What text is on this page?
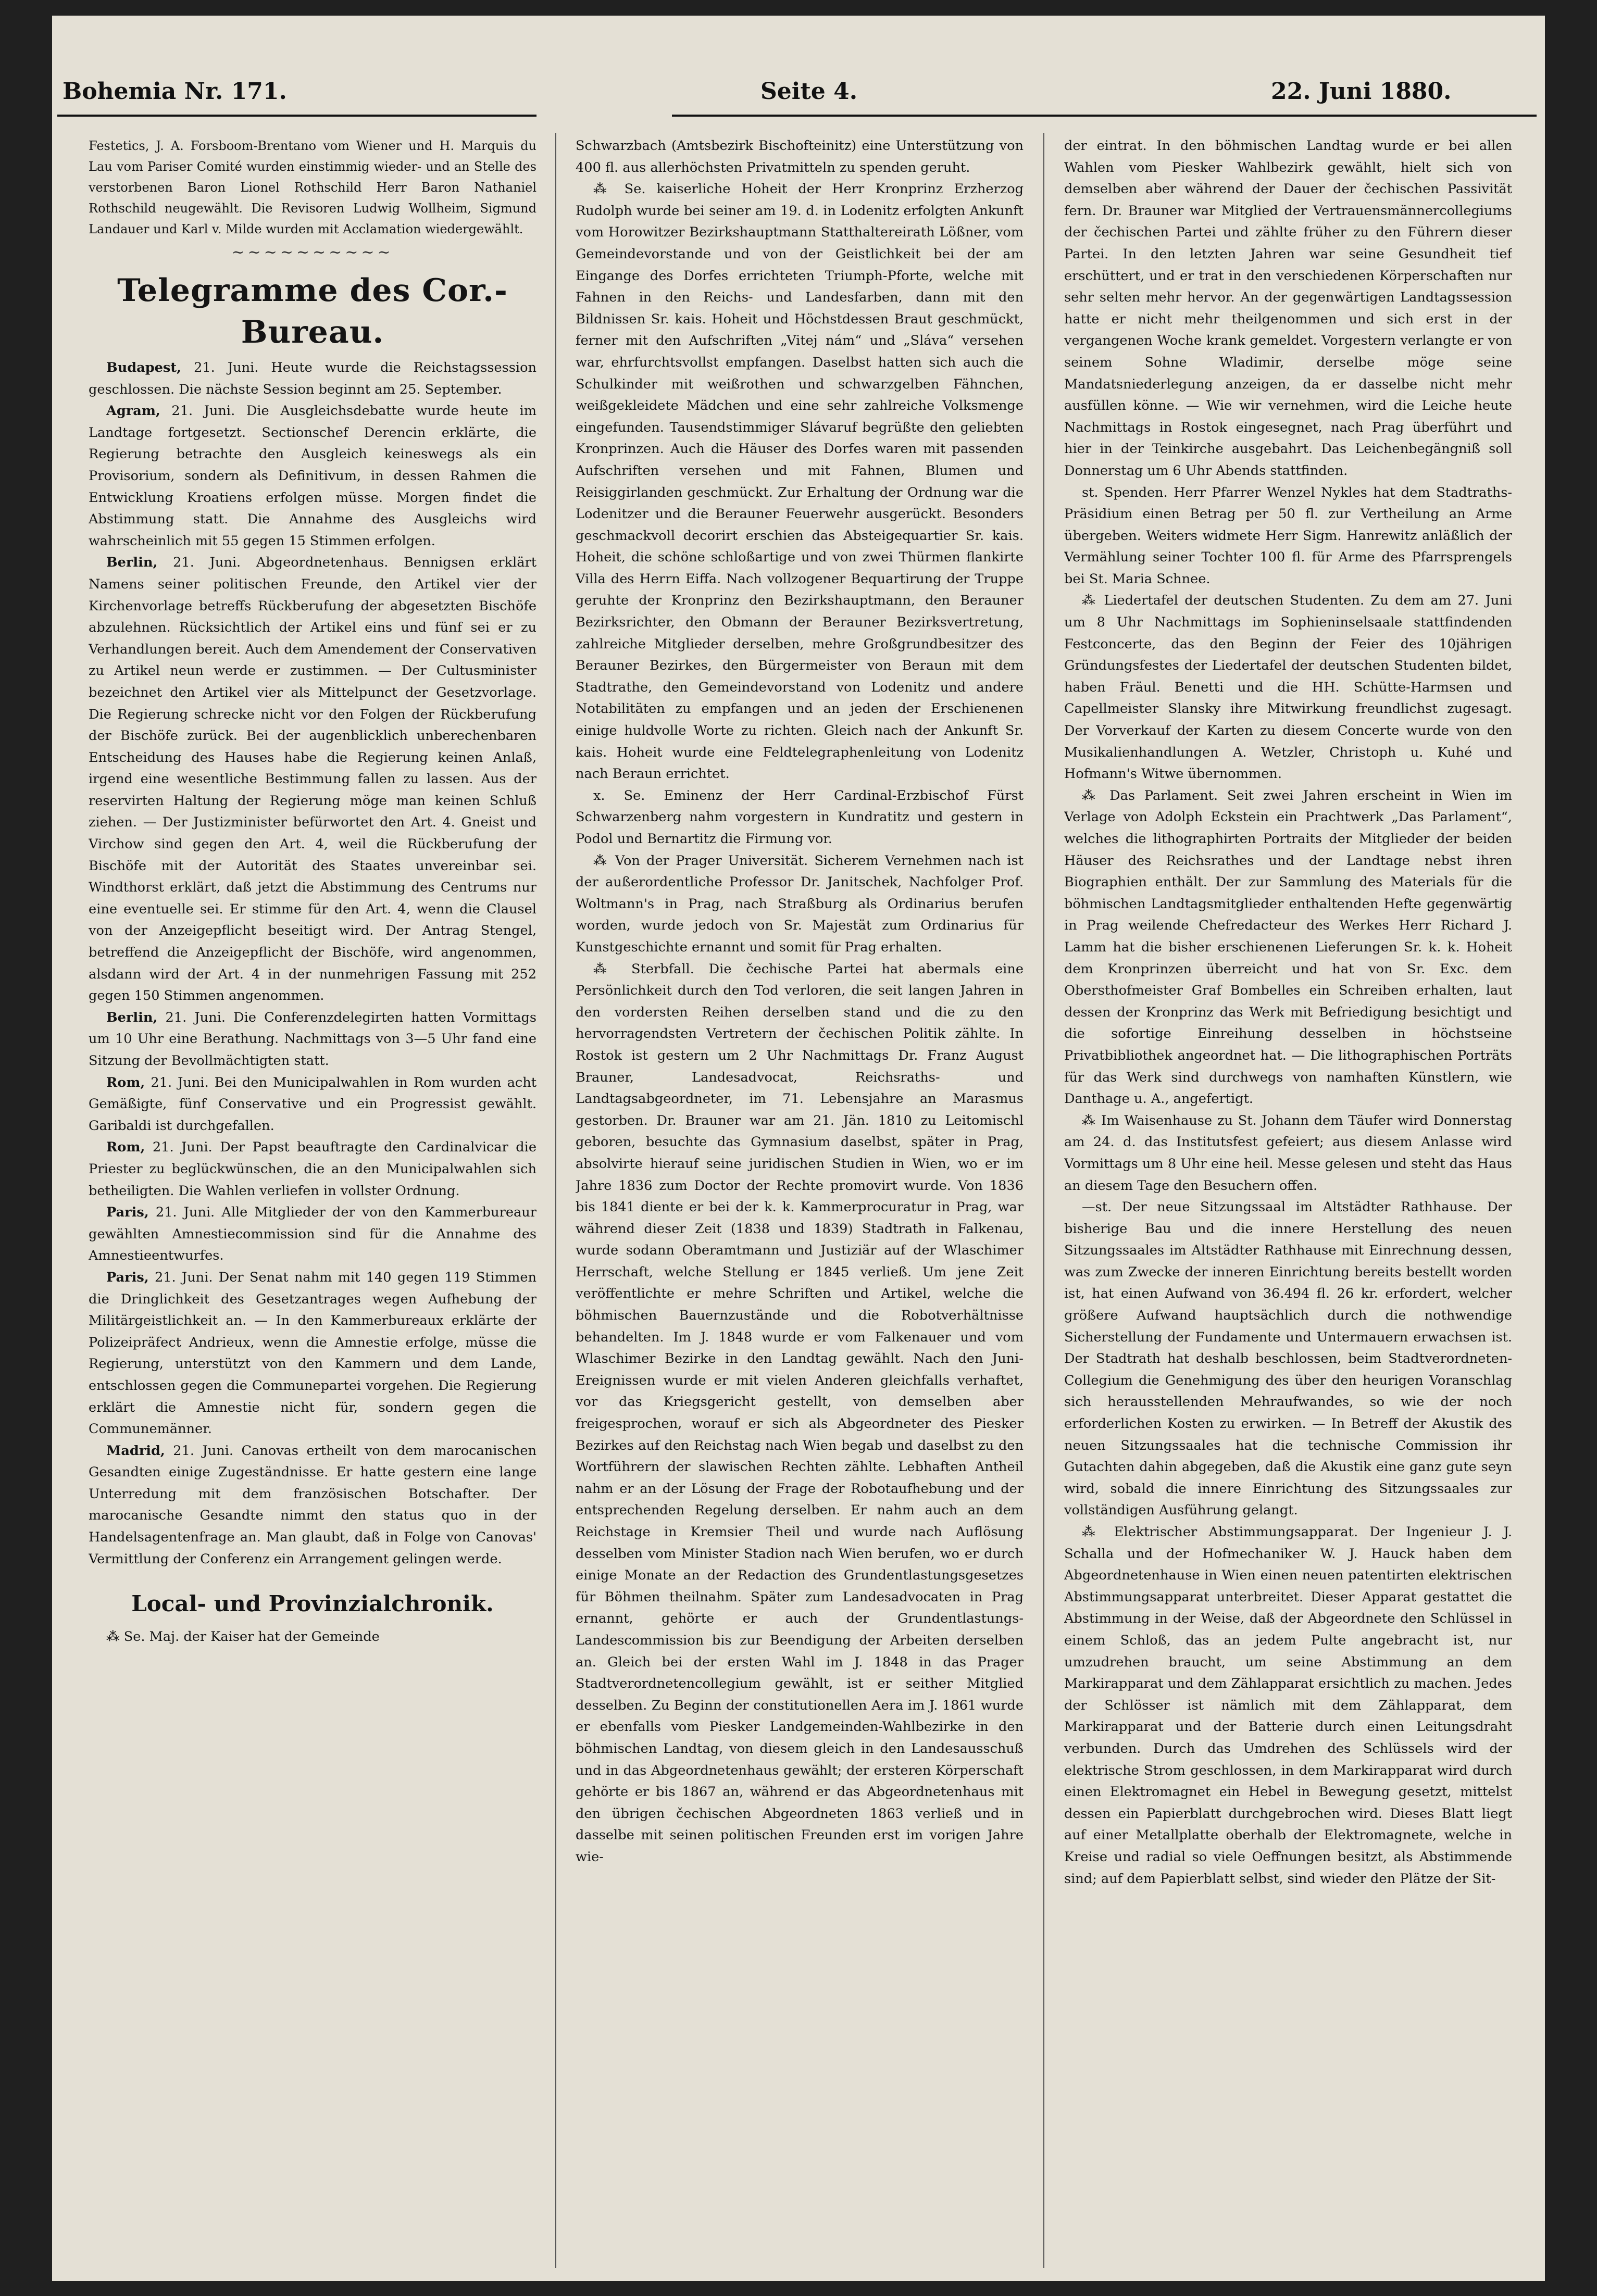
Bohemia Nr. 171.	Seite 4.	22. Juni 1880.

Festetics, J. A. Forsboom-Brentano vom Wiener und H. Marquis du Lau vom Pariser Comité wurden einstimmig wieder- und an Stelle des verstorbenen Baron Lionel Rothschild Herr Baron Nathaniel Rothschild neugewählt. Die Revisoren Ludwig Wollheim, Sigmund Landauer und Karl v. Milde wurden mit Acclamation wiedergewählt.

~~~~~~~~~~
Telegramme des Cor.-Bureau.

Budapest, 21. Juni. Heute wurde die Reichstagssession geschlossen. Die nächste Session beginnt am 25. September.

Agram, 21. Juni. Die Ausgleichsdebatte wurde heute im Landtage fortgesetzt. Sectionschef Derencin erklärte, die Regierung betrachte den Ausgleich keineswegs als ein Provisorium, sondern als Definitivum, in dessen Rahmen die Entwicklung Kroatiens erfolgen müsse. Morgen findet die Abstimmung statt. Die Annahme des Ausgleichs wird wahrscheinlich mit 55 gegen 15 Stimmen erfolgen.

Berlin, 21. Juni. Abgeordnetenhaus. Bennigsen erklärt Namens seiner politischen Freunde, den Artikel vier der Kirchenvorlage betreffs Rückberufung der abgesetzten Bischöfe abzulehnen. Rücksichtlich der Artikel eins und fünf sei er zu Verhandlungen bereit. Auch dem Amendement der Conservativen zu Artikel neun werde er zustimmen. — Der Cultusminister bezeichnet den Artikel vier als Mittelpunct der Gesetzvorlage. Die Regierung schrecke nicht vor den Folgen der Rückberufung der Bischöfe zurück. Bei der augenblicklich unberechenbaren Entscheidung des Hauses habe die Regierung keinen Anlaß, irgend eine wesentliche Bestimmung fallen zu lassen. Aus der reservirten Haltung der Regierung möge man keinen Schluß ziehen. — Der Justizminister befürwortet den Art. 4. Gneist und Virchow sind gegen den Art. 4, weil die Rückberufung der Bischöfe mit der Autorität des Staates unvereinbar sei. Windthorst erklärt, daß jetzt die Abstimmung des Centrums nur eine eventuelle sei. Er stimme für den Art. 4, wenn die Clausel von der Anzeigepflicht beseitigt wird. Der Antrag Stengel, betreffend die Anzeigepflicht der Bischöfe, wird angenommen, alsdann wird der Art. 4 in der nunmehrigen Fassung mit 252 gegen 150 Stimmen angenommen.

Berlin, 21. Juni. Die Conferenzdelegirten hatten Vormittags um 10 Uhr eine Berathung. Nachmittags von 3—5 Uhr fand eine Sitzung der Bevollmächtigten statt.

Rom, 21. Juni. Bei den Municipalwahlen in Rom wurden acht Gemäßigte, fünf Conservative und ein Progressist gewählt. Garibaldi ist durchgefallen.

Rom, 21. Juni. Der Papst beauftragte den Cardinalvicar die Priester zu beglückwünschen, die an den Municipalwahlen sich betheiligten. Die Wahlen verliefen in vollster Ordnung.

Paris, 21. Juni. Alle Mitglieder der von den Kammerbureaur gewählten Amnestiecommission sind für die Annahme des Amnestieentwurfes.

Paris, 21. Juni. Der Senat nahm mit 140 gegen 119 Stimmen die Dringlichkeit des Gesetzantrages wegen Aufhebung der Militärgeistlichkeit an. — In den Kammerbureaux erklärte der Polizeipräfect Andrieux, wenn die Amnestie erfolge, müsse die Regierung, unterstützt von den Kammern und dem Lande, entschlossen gegen die Communepartei vorgehen. Die Regierung erklärt die Amnestie nicht für, sondern gegen die Communemänner.

Madrid, 21. Juni. Canovas ertheilt von dem marocanischen Gesandten einige Zugeständnisse. Er hatte gestern eine lange Unterredung mit dem französischen Botschafter. Der marocanische Gesandte nimmt den status quo in der Handelsagentenfrage an. Man glaubt, daß in Folge von Canovas' Vermittlung der Conferenz ein Arrangement gelingen werde.

Local- und Provinzialchronik.

⁂ Se. Maj. der Kaiser hat der Gemeinde

Schwarzbach (Amtsbezirk Bischofteinitz) eine Unterstützung von 400 fl. aus allerhöchsten Privatmitteln zu spenden geruht.

⁂ Se. kaiserliche Hoheit der Herr Kronprinz Erzherzog Rudolph wurde bei seiner am 19. d. in Lodenitz erfolgten Ankunft vom Horowitzer Bezirkshauptmann Statthaltereirath Lößner, vom Gemeindevorstande und von der Geistlichkeit bei der am Eingange des Dorfes errichteten Triumph-Pforte, welche mit Fahnen in den Reichs- und Landesfarben, dann mit den Bildnissen Sr. kais. Hoheit und Höchstdessen Braut geschmückt, ferner mit den Aufschriften „Vitej nám“ und „Sláva“ versehen war, ehrfurchtsvollst empfangen. Daselbst hatten sich auch die Schulkinder mit weißrothen und schwarzgelben Fähnchen, weißgekleidete Mädchen und eine sehr zahlreiche Volksmenge eingefunden. Tausendstimmiger Slávaruf begrüßte den geliebten Kronprinzen. Auch die Häuser des Dorfes waren mit passenden Aufschriften versehen und mit Fahnen, Blumen und Reisiggirlanden geschmückt. Zur Erhaltung der Ordnung war die Lodenitzer und die Berauner Feuerwehr ausgerückt. Besonders geschmackvoll decorirt erschien das Absteigequartier Sr. kais. Hoheit, die schöne schloßartige und von zwei Thürmen flankirte Villa des Herrn Eiffa. Nach vollzogener Bequartirung der Truppe geruhte der Kronprinz den Bezirkshauptmann, den Berauner Bezirksrichter, den Obmann der Berauner Bezirksvertretung, zahlreiche Mitglieder derselben, mehre Großgrundbesitzer des Berauner Bezirkes, den Bürgermeister von Beraun mit dem Stadtrathe, den Gemeindevorstand von Lodenitz und andere Notabilitäten zu empfangen und an jeden der Erschienenen einige huldvolle Worte zu richten. Gleich nach der Ankunft Sr. kais. Hoheit wurde eine Feldtelegraphenleitung von Lodenitz nach Beraun errichtet.

x. Se. Eminenz der Herr Cardinal-Erzbischof Fürst Schwarzenberg nahm vorgestern in Kundratitz und gestern in Podol und Bernartitz die Firmung vor.

⁂ Von der Prager Universität. Sicherem Vernehmen nach ist der außerordentliche Professor Dr. Janitschek, Nachfolger Prof. Woltmann's in Prag, nach Straßburg als Ordinarius berufen worden, wurde jedoch von Sr. Majestät zum Ordinarius für Kunstgeschichte ernannt und somit für Prag erhalten.

⁂ Sterbfall. Die čechische Partei hat abermals eine Persönlichkeit durch den Tod verloren, die seit langen Jahren in den vordersten Reihen derselben stand und die zu den hervorragendsten Vertretern der čechischen Politik zählte. In Rostok ist gestern um 2 Uhr Nachmittags Dr. Franz August Brauner, Landesadvocat, Reichsraths- und Landtagsabgeordneter, im 71. Lebensjahre an Marasmus gestorben. Dr. Brauner war am 21. Jän. 1810 zu Leitomischl geboren, besuchte das Gymnasium daselbst, später in Prag, absolvirte hierauf seine juridischen Studien in Wien, wo er im Jahre 1836 zum Doctor der Rechte promovirt wurde. Von 1836 bis 1841 diente er bei der k. k. Kammerprocuratur in Prag, war während dieser Zeit (1838 und 1839) Stadtrath in Falkenau, wurde sodann Oberamtmann und Justiziär auf der Wlaschimer Herrschaft, welche Stellung er 1845 verließ. Um jene Zeit veröffentlichte er mehre Schriften und Artikel, welche die böhmischen Bauernzustände und die Robotverhältnisse behandelten. Im J. 1848 wurde er vom Falkenauer und vom Wlaschimer Bezirke in den Landtag gewählt. Nach den Juni-Ereignissen wurde er mit vielen Anderen gleichfalls verhaftet, vor das Kriegsgericht gestellt, von demselben aber freigesprochen, worauf er sich als Abgeordneter des Piesker Bezirkes auf den Reichstag nach Wien begab und daselbst zu den Wortführern der slawischen Rechten zählte. Lebhaften Antheil nahm er an der Lösung der Frage der Robotaufhebung und der entsprechenden Regelung derselben. Er nahm auch an dem Reichstage in Kremsier Theil und wurde nach Auflösung desselben vom Minister Stadion nach Wien berufen, wo er durch einige Monate an der Redaction des Grundentlastungsgesetzes für Böhmen theilnahm. Später zum Landesadvocaten in Prag ernannt, gehörte er auch der Grundentlastungs-Landescommission bis zur Beendigung der Arbeiten derselben an. Gleich bei der ersten Wahl im J. 1848 in das Prager Stadtverordnetencollegium gewählt, ist er seither Mitglied desselben. Zu Beginn der constitutionellen Aera im J. 1861 wurde er ebenfalls vom Piesker Landgemeinden-Wahlbezirke in den böhmischen Landtag, von diesem gleich in den Landesausschuß und in das Abgeordnetenhaus gewählt; der ersteren Körperschaft gehörte er bis 1867 an, während er das Abgeordnetenhaus mit den übrigen čechischen Abgeordneten 1863 verließ und in dasselbe mit seinen politischen Freunden erst im vorigen Jahre wie-

der eintrat. In den böhmischen Landtag wurde er bei allen Wahlen vom Piesker Wahlbezirk gewählt, hielt sich von demselben aber während der Dauer der čechischen Passivität fern. Dr. Brauner war Mitglied der Vertrauensmännercollegiums der čechischen Partei und zählte früher zu den Führern dieser Partei. In den letzten Jahren war seine Gesundheit tief erschüttert, und er trat in den verschiedenen Körperschaften nur sehr selten mehr hervor. An der gegenwärtigen Landtagssession hatte er nicht mehr theilgenommen und sich erst in der vergangenen Woche krank gemeldet. Vorgestern verlangte er von seinem Sohne Wladimir, derselbe möge seine Mandatsniederlegung anzeigen, da er dasselbe nicht mehr ausfüllen könne. — Wie wir vernehmen, wird die Leiche heute Nachmittags in Rostok eingesegnet, nach Prag überführt und hier in der Teinkirche ausgebahrt. Das Leichenbegängniß soll Donnerstag um 6 Uhr Abends stattfinden.

st. Spenden. Herr Pfarrer Wenzel Nykles hat dem Stadtraths-Präsidium einen Betrag per 50 fl. zur Vertheilung an Arme übergeben. Weiters widmete Herr Sigm. Hanrewitz anläßlich der Vermählung seiner Tochter 100 fl. für Arme des Pfarrsprengels bei St. Maria Schnee.

⁂ Liedertafel der deutschen Studenten. Zu dem am 27. Juni um 8 Uhr Nachmittags im Sophieninselsaale stattfindenden Festconcerte, das den Beginn der Feier des 10jährigen Gründungsfestes der Liedertafel der deutschen Studenten bildet, haben Fräul. Benetti und die HH. Schütte-Harmsen und Capellmeister Slansky ihre Mitwirkung freundlichst zugesagt. Der Vorverkauf der Karten zu diesem Concerte wurde von den Musikalienhandlungen A. Wetzler, Christoph u. Kuhé und Hofmann's Witwe übernommen.

⁂ Das Parlament. Seit zwei Jahren erscheint in Wien im Verlage von Adolph Eckstein ein Prachtwerk „Das Parlament“, welches die lithographirten Portraits der Mitglieder der beiden Häuser des Reichsrathes und der Landtage nebst ihren Biographien enthält. Der zur Sammlung des Materials für die böhmischen Landtagsmitglieder enthaltenden Hefte gegenwärtig in Prag weilende Chefredacteur des Werkes Herr Richard J. Lamm hat die bisher erschienenen Lieferungen Sr. k. k. Hoheit dem Kronprinzen überreicht und hat von Sr. Exc. dem Obersthofmeister Graf Bombelles ein Schreiben erhalten, laut dessen der Kronprinz das Werk mit Befriedigung besichtigt und die sofortige Einreihung desselben in höchstseine Privatbibliothek angeordnet hat. — Die lithographischen Porträts für das Werk sind durchwegs von namhaften Künstlern, wie Danthage u. A., angefertigt.

⁂ Im Waisenhause zu St. Johann dem Täufer wird Donnerstag am 24. d. das Institutsfest gefeiert; aus diesem Anlasse wird Vormittags um 8 Uhr eine heil. Messe gelesen und steht das Haus an diesem Tage den Besuchern offen.

—st. Der neue Sitzungssaal im Altstädter Rathhause. Der bisherige Bau und die innere Herstellung des neuen Sitzungssaales im Altstädter Rathhause mit Einrechnung dessen, was zum Zwecke der inneren Einrichtung bereits bestellt worden ist, hat einen Aufwand von 36.494 fl. 26 kr. erfordert, welcher größere Aufwand hauptsächlich durch die nothwendige Sicherstellung der Fundamente und Untermauern erwachsen ist. Der Stadtrath hat deshalb beschlossen, beim Stadtverordneten-Collegium die Genehmigung des über den heurigen Voranschlag sich herausstellenden Mehraufwandes, so wie der noch erforderlichen Kosten zu erwirken. — In Betreff der Akustik des neuen Sitzungssaales hat die technische Commission ihr Gutachten dahin abgegeben, daß die Akustik eine ganz gute seyn wird, sobald die innere Einrichtung des Sitzungssaales zur vollständigen Ausführung gelangt.

⁂ Elektrischer Abstimmungsapparat. Der Ingenieur J. J. Schalla und der Hofmechaniker W. J. Hauck haben dem Abgeordnetenhause in Wien einen neuen patentirten elektrischen Abstimmungsapparat unterbreitet. Dieser Apparat gestattet die Abstimmung in der Weise, daß der Abgeordnete den Schlüssel in einem Schloß, das an jedem Pulte angebracht ist, nur umzudrehen braucht, um seine Abstimmung an dem Markirapparat und dem Zählapparat ersichtlich zu machen. Jedes der Schlösser ist nämlich mit dem Zählapparat, dem Markirapparat und der Batterie durch einen Leitungsdraht verbunden. Durch das Umdrehen des Schlüssels wird der elektrische Strom geschlossen, in dem Markirapparat wird durch einen Elektromagnet ein Hebel in Bewegung gesetzt, mittelst dessen ein Papierblatt durchgebrochen wird. Dieses Blatt liegt auf einer Metallplatte oberhalb der Elektromagnete, welche in Kreise und radial so viele Oeffnungen besitzt, als Abstimmende sind; auf dem Papierblatt selbst, sind wieder den Plätze der Sit-
